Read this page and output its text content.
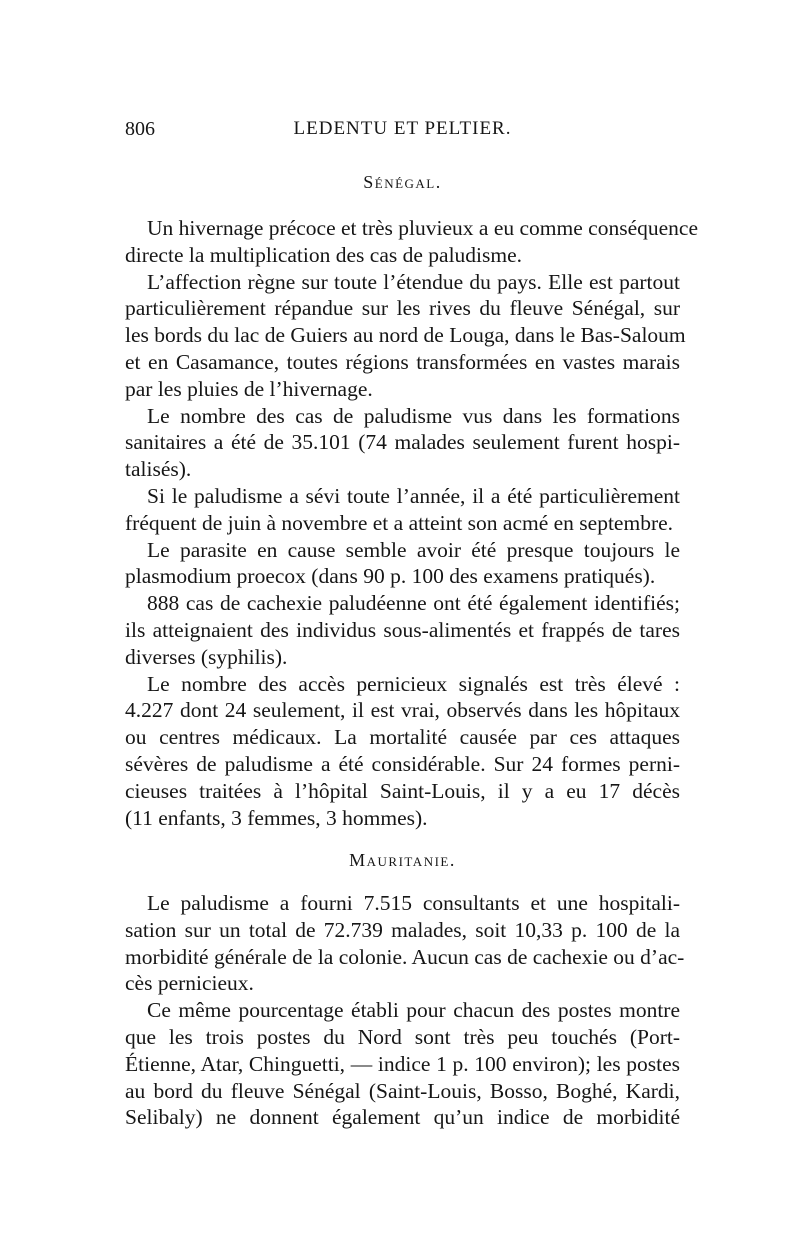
806	LEDENTU ET PELTIER.
Sénégal.
Un hivernage précoce et très pluvieux a eu comme conséquence
directe la multiplication des cas de paludisme.
L’affection règne sur toute l’étendue du pays. Elle est partout
particulièrement répandue sur les rives du fleuve Sénégal, sur
les bords du lac de Guiers au nord de Louga, dans le Bas-Saloum
et en Casamance, toutes régions transformées en vastes marais
par les pluies de l’hivernage.
Le nombre des cas de paludisme vus dans les formations
sanitaires a été de 35.101 (74 malades seulement furent hospi-
talisés).
Si le paludisme a sévi toute l’année, il a été particulièrement
fréquent de juin à novembre et a atteint son acmé en septembre.
Le parasite en cause semble avoir été presque toujours le
plasmodium proecox (dans 90 p. 100 des examens pratiqués).
888 cas de cachexie paludéenne ont été également identifiés;
ils atteignaient des individus sous-alimentés et frappés de tares
diverses (syphilis).
Le nombre des accès pernicieux signalés est très élevé :
4.227 dont 24 seulement, il est vrai, observés dans les hôpitaux
ou centres médicaux. La mortalité causée par ces attaques
sévères de paludisme a été considérable. Sur 24 formes perni-
cieuses traitées à l’hôpital Saint-Louis, il y a eu 17 décès
(11 enfants, 3 femmes, 3 hommes).
Mauritanie.
Le paludisme a fourni 7.515 consultants et une hospitali-
sation sur un total de 72.739 malades, soit 10,33 p. 100 de la
morbidité générale de la colonie. Aucun cas de cachexie ou d’ac-
cès pernicieux.
Ce même pourcentage établi pour chacun des postes montre
que les trois postes du Nord sont très peu touchés (Port-
Étienne, Atar, Chinguetti, — indice 1 p. 100 environ); les postes
au bord du fleuve Sénégal (Saint-Louis, Bosso, Boghé, Kardi,
Selibaly) ne donnent également qu’un indice de morbidité
